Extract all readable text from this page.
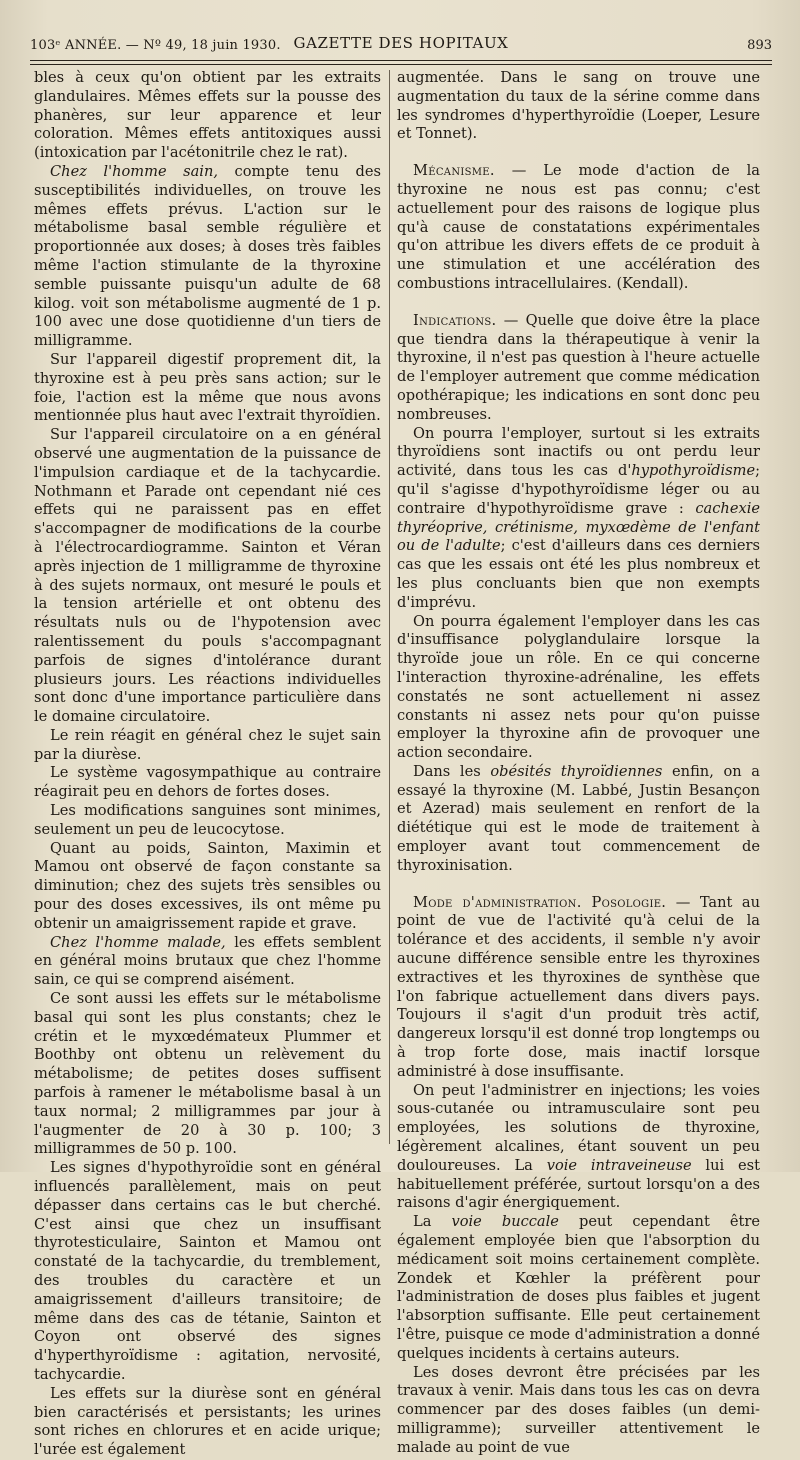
103ᵉ ANNÉE. — Nº 49, 18 juin 1930. GAZETTE DES HOPITAUX	893

bles à ceux qu'on obtient par les extraits glandulaires. Mêmes effets sur la pousse des phanères, sur leur apparence et leur coloration. Mêmes effets antitoxiques aussi (intoxication par l'acétonitrile chez le rat).

Chez l'homme sain, compte tenu des susceptibilités individuelles, on trouve les mêmes effets prévus. L'action sur le métabolisme basal semble régulière et proportionnée aux doses; à doses très faibles même l'action stimulante de la thyroxine semble puissante puisqu'un adulte de 68 kilog. voit son métabolisme augmenté de 1 p. 100 avec une dose quotidienne d'un tiers de milligramme.

Sur l'appareil digestif proprement dit, la thyroxine est à peu près sans action; sur le foie, l'action est la même que nous avons mentionnée plus haut avec l'extrait thyroïdien.

Sur l'appareil circulatoire on a en général observé une augmentation de la puissance de l'impulsion cardiaque et de la tachycardie. Nothmann et Parade ont cependant nié ces effets qui ne paraissent pas en effet s'accompagner de modifications de la courbe à l'électrocardiogramme. Sainton et Véran après injection de 1 milligramme de thyroxine à des sujets normaux, ont mesuré le pouls et la tension artérielle et ont obtenu des résultats nuls ou de l'hypotension avec ralentissement du pouls s'accompagnant parfois de signes d'intolérance durant plusieurs jours. Les réactions individuelles sont donc d'une importance particulière dans le domaine circulatoire.

Le rein réagit en général chez le sujet sain par la diurèse.

Le système vagosympathique au contraire réagirait peu en dehors de fortes doses.

Les modifications sanguines sont minimes, seulement un peu de leucocytose.

Quant au poids, Sainton, Maximin et Mamou ont observé de façon constante sa diminution; chez des sujets très sensibles ou pour des doses excessives, ils ont même pu obtenir un amaigrissement rapide et grave.

Chez l'homme malade, les effets semblent en général moins brutaux que chez l'homme sain, ce qui se comprend aisément.

Ce sont aussi les effets sur le métabolisme basal qui sont les plus constants; chez le crétin et le myxœdémateux Plummer et Boothby ont obtenu un relèvement du métabolisme; de petites doses suffisent parfois à ramener le métabolisme basal à un taux normal; 2 milligrammes par jour à l'augmenter de 20 à 30 p. 100; 3 milligrammes de 50 p. 100.

Les signes d'hypothyroïdie sont en général influencés parallèlement, mais on peut dépasser dans certains cas le but cherché. C'est ainsi que chez un insuffisant thyrotesticulaire, Sainton et Mamou ont constaté de la tachycardie, du tremblement, des troubles du caractère et un amaigrissement d'ailleurs transitoire; de même dans des cas de tétanie, Sainton et Coyon ont observé des signes d'hyperthyroïdisme : agitation, nervosité, tachycardie.

Les effets sur la diurèse sont en général bien caractérisés et persistants; les urines sont riches en chlorures et en acide urique; l'urée est également

augmentée. Dans le sang on trouve une augmentation du taux de la sérine comme dans les syndromes d'hyperthyroïdie (Loeper, Lesure et Tonnet).

Mécanisme. — Le mode d'action de la thyroxine ne nous est pas connu; c'est actuellement pour des raisons de logique plus qu'à cause de constatations expérimentales qu'on attribue les divers effets de ce produit à une stimulation et une accélération des combustions intracellulaires. (Kendall).

Indications. — Quelle que doive être la place que tiendra dans la thérapeutique à venir la thyroxine, il n'est pas question à l'heure actuelle de l'employer autrement que comme médication opothérapique; les indications en sont donc peu nombreuses.

On pourra l'employer, surtout si les extraits thyroïdiens sont inactifs ou ont perdu leur activité, dans tous les cas d'hypothyroïdisme; qu'il s'agisse d'hypothyroïdisme léger ou au contraire d'hypothyroïdisme grave : cachexie thyréoprive, crétinisme, myxœdème de l'enfant ou de l'adulte; c'est d'ailleurs dans ces derniers cas que les essais ont été les plus nombreux et les plus concluants bien que non exempts d'imprévu.

On pourra également l'employer dans les cas d'insuffisance polyglandulaire lorsque la thyroïde joue un rôle. En ce qui concerne l'interaction thyroxine-adrénaline, les effets constatés ne sont actuellement ni assez constants ni assez nets pour qu'on puisse employer la thyroxine afin de provoquer une action secondaire.

Dans les obésités thyroïdiennes enfin, on a essayé la thyroxine (M. Labbé, Justin Besançon et Azerad) mais seulement en renfort de la diététique qui est le mode de traitement à employer avant tout commencement de thyroxinisation.

Mode d'administration. Posologie. — Tant au point de vue de l'activité qu'à celui de la tolérance et des accidents, il semble n'y avoir aucune différence sensible entre les thyroxines extractives et les thyroxines de synthèse que l'on fabrique actuellement dans divers pays. Toujours il s'agit d'un produit très actif, dangereux lorsqu'il est donné trop longtemps ou à trop forte dose, mais inactif lorsque administré à dose insuffisante.

On peut l'administrer en injections; les voies sous-cutanée ou intramusculaire sont peu employées, les solutions de thyroxine, légèrement alcalines, étant souvent un peu douloureuses. La voie intraveineuse lui est habituellement préférée, surtout lorsqu'on a des raisons d'agir énergiquement.

La voie buccale peut cependant être également employée bien que l'absorption du médicament soit moins certainement complète. Zondek et Kœhler la préfèrent pour l'administration de doses plus faibles et jugent l'absorption suffisante. Elle peut certainement l'être, puisque ce mode d'administration a donné quelques incidents à certains auteurs.

Les doses devront être précisées par les travaux à venir. Mais dans tous les cas on devra commencer par des doses faibles (un demi-milligramme); surveiller attentivement le malade au point de vue
